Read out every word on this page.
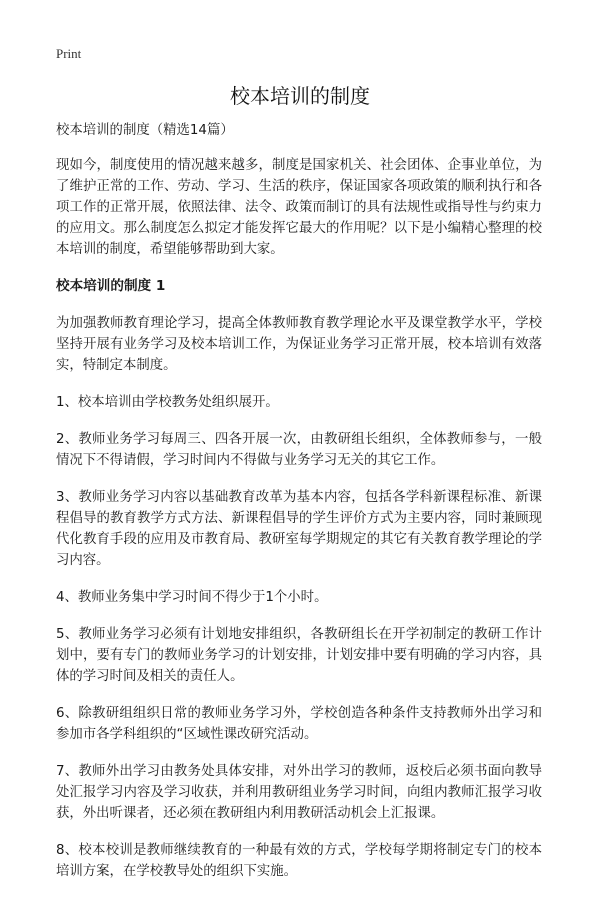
Print
校本培训的制度

校本培训的制度（精选14篇）

现如今，制度使用的情况越来越多，制度是国家机关、社会团体、企事业单位，为了维护正常的工作、劳动、学习、生活的秩序，保证国家各项政策的顺利执行和各项工作的正常开展，依照法律、法令、政策而制订的具有法规性或指导性与约束力的应用文。那么制度怎么拟定才能发挥它最大的作用呢？以下是小编精心整理的校本培训的制度，希望能够帮助到大家。

校本培训的制度 1

为加强教师教育理论学习，提高全体教师教育教学理论水平及课堂教学水平，学校坚持开展有业务学习及校本培训工作，为保证业务学习正常开展，校本培训有效落实，特制定本制度。

1、校本培训由学校教务处组织展开。

2、教师业务学习每周三、四各开展一次，由教研组长组织，全体教师参与，一般情况下不得请假，学习时间内不得做与业务学习无关的其它工作。

3、教师业务学习内容以基础教育改革为基本内容，包括各学科新课程标准、新课程倡导的教育教学方式方法、新课程倡导的学生评价方式为主要内容，同时兼顾现代化教育手段的应用及市教育局、教研室每学期规定的其它有关教育教学理论的学习内容。

4、教师业务集中学习时间不得少于1个小时。

5、教师业务学习必须有计划地安排组织，各教研组长在开学初制定的教研工作计划中，要有专门的教师业务学习的计划安排，计划安排中要有明确的学习内容，具体的学习时间及相关的责任人。

6、除教研组组织日常的教师业务学习外，学校创造各种条件支持教师外出学习和参加市各学科组织的“区域性课改研究活动。

7、教师外出学习由教务处具体安排，对外出学习的教师，返校后必须书面向教导处汇报学习内容及学习收获，并利用教研组业务学习时间，向组内教师汇报学习收获，外出听课者，还必须在教研组内利用教研活动机会上汇报课。

8、校本校训是教师继续教育的一种最有效的方式，学校每学期将制定专门的校本培训方案，在学校教导处的组织下实施。
